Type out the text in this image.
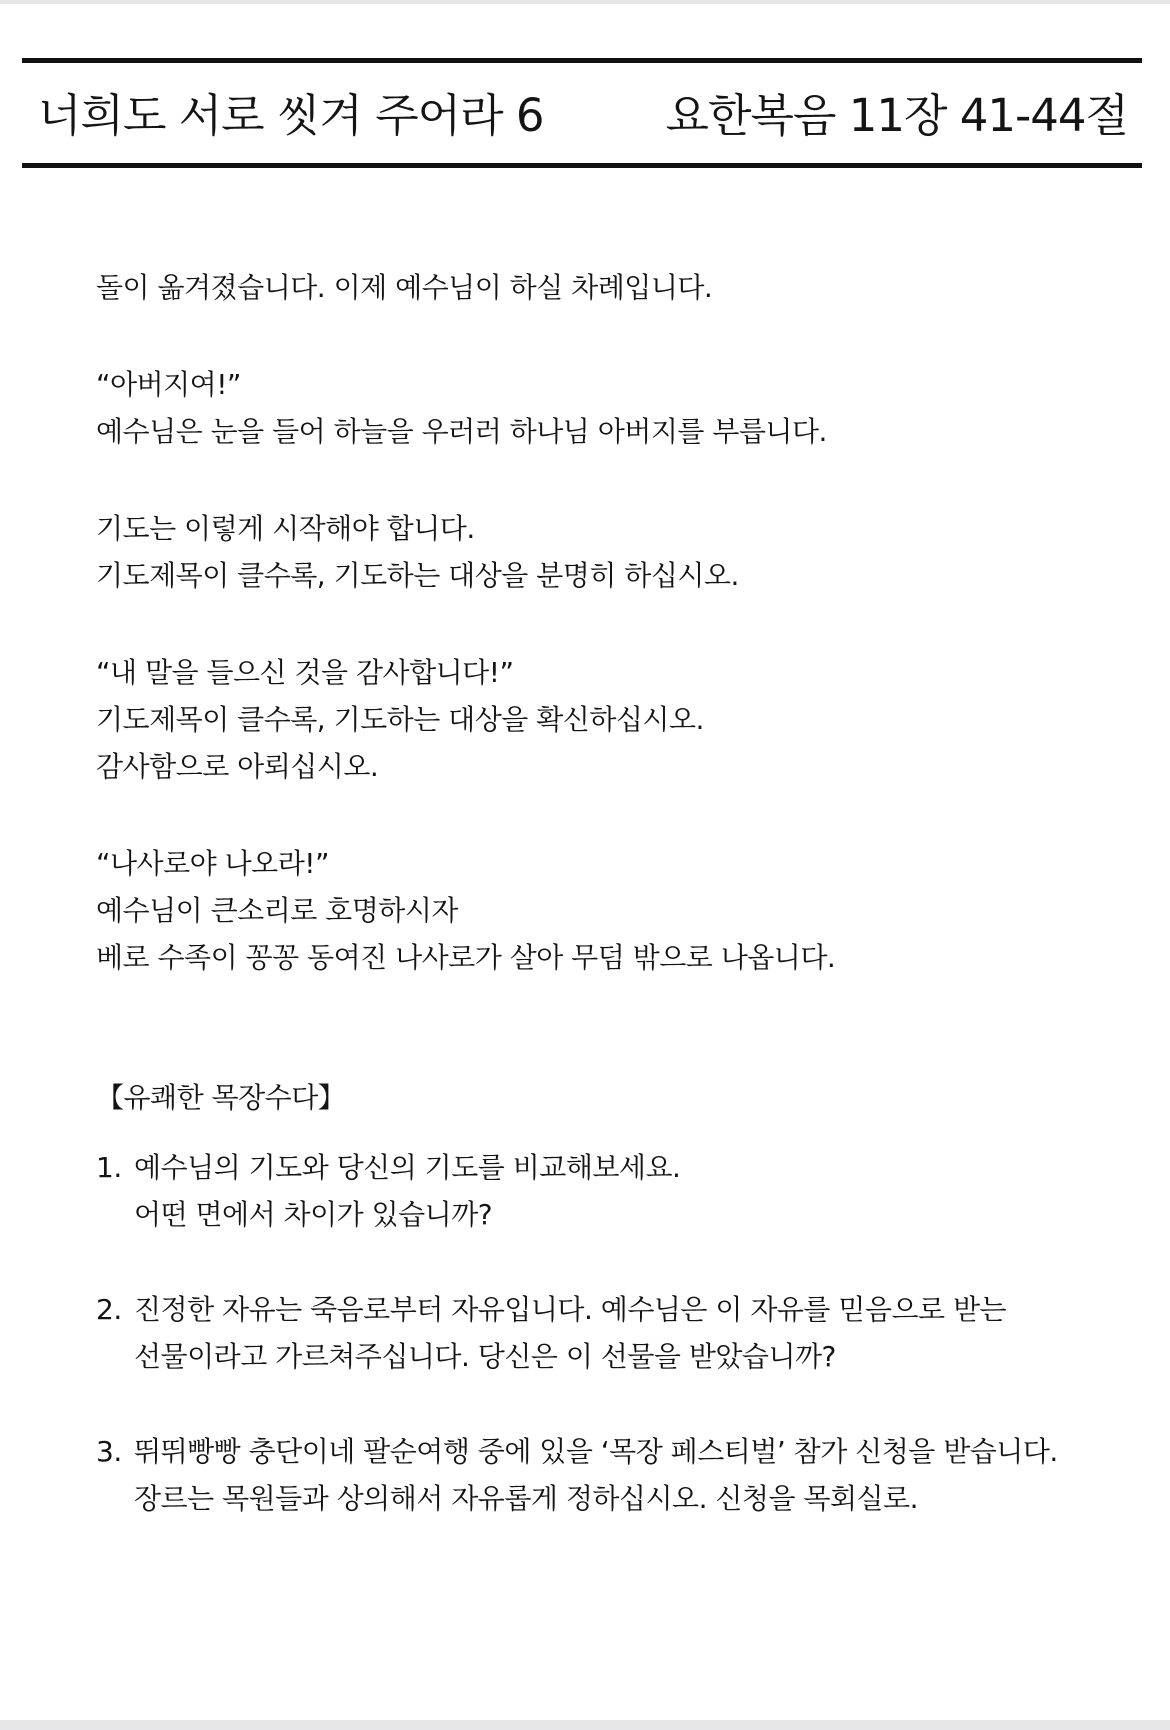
너희도 서로 씻겨 주어라 6	요한복음 11장 41-44절
돌이 옮겨졌습니다. 이제 예수님이 하실 차례입니다.
“아버지여!”
예수님은 눈을 들어 하늘을 우러러 하나님 아버지를 부릅니다.
기도는 이렇게 시작해야 합니다.
기도제목이 클수록, 기도하는 대상을 분명히 하십시오.
“내 말을 들으신 것을 감사합니다!”
기도제목이 클수록, 기도하는 대상을 확신하십시오.
감사함으로 아뢰십시오.
“나사로야 나오라!”
예수님이 큰소리로 호명하시자
베로 수족이 꽁꽁 동여진 나사로가 살아 무덤 밖으로 나옵니다.
【유쾌한 목장수다】
1. 예수님의 기도와 당신의 기도를 비교해보세요.
어떤 면에서 차이가 있습니까?
2. 진정한 자유는 죽음로부터 자유입니다. 예수님은 이 자유를 믿음으로 받는
선물이라고 가르쳐주십니다. 당신은 이 선물을 받았습니까?
3. 뛰뛰빵빵 충단이네 팔순여행 중에 있을 ‘목장 페스티벌’ 참가 신청을 받습니다.
장르는 목원들과 상의해서 자유롭게 정하십시오. 신청을 목회실로.
